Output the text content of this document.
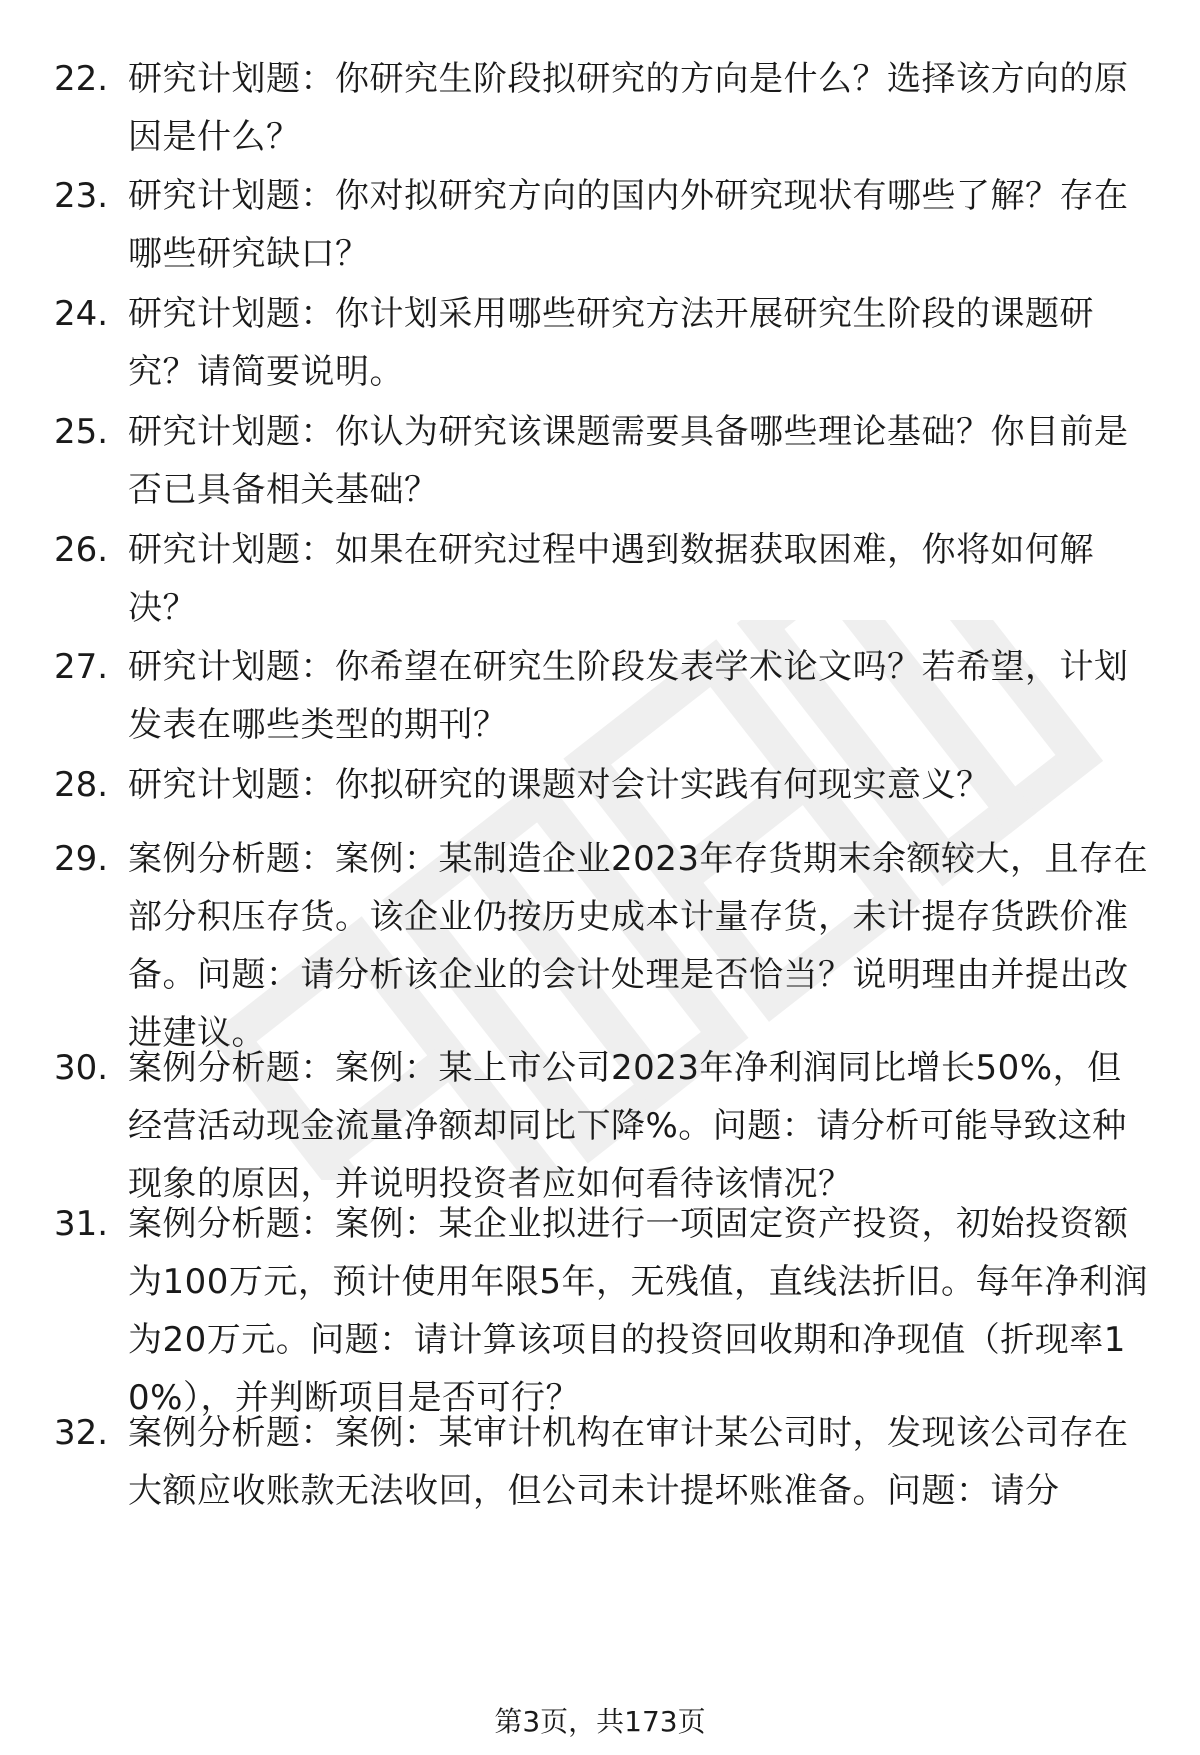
22. 研究计划题：你研究生阶段拟研究的方向是什么？选择该方向的原因是什么？
23. 研究计划题：你对拟研究方向的国内外研究现状有哪些了解？存在哪些研究缺口？
24. 研究计划题：你计划采用哪些研究方法开展研究生阶段的课题研究？请简要说明。
25. 研究计划题：你认为研究该课题需要具备哪些理论基础？你目前是否已具备相关基础？
26. 研究计划题：如果在研究过程中遇到数据获取困难，你将如何解决？
27. 研究计划题：你希望在研究生阶段发表学术论文吗？若希望，计划发表在哪些类型的期刊？
28. 研究计划题：你拟研究的课题对会计实践有何现实意义？
29. 案例分析题：案例：某制造企业2023年存货期末余额较大，且存在部分积压存货。该企业仍按历史成本计量存货，未计提存货跌价准备。问题：请分析该企业的会计处理是否恰当？说明理由并提出改进建议。
30. 案例分析题：案例：某上市公司2023年净利润同比增长50%，但经营活动现金流量净额却同比下降%。问题：请分析可能导致这种现象的原因，并说明投资者应如何看待该情况？
31. 案例分析题：案例：某企业拟进行一项固定资产投资，初始投资额为100万元，预计使用年限5年，无残值，直线法折旧。每年净利润为20万元。问题：请计算该项目的投资回收期和净现值（折现率10%），并判断项目是否可行？
32. 案例分析题：案例：某审计机构在审计某公司时，发现该公司存在大额应收账款无法收回，但公司未计提坏账准备。问题：请分
第3页，共173页
